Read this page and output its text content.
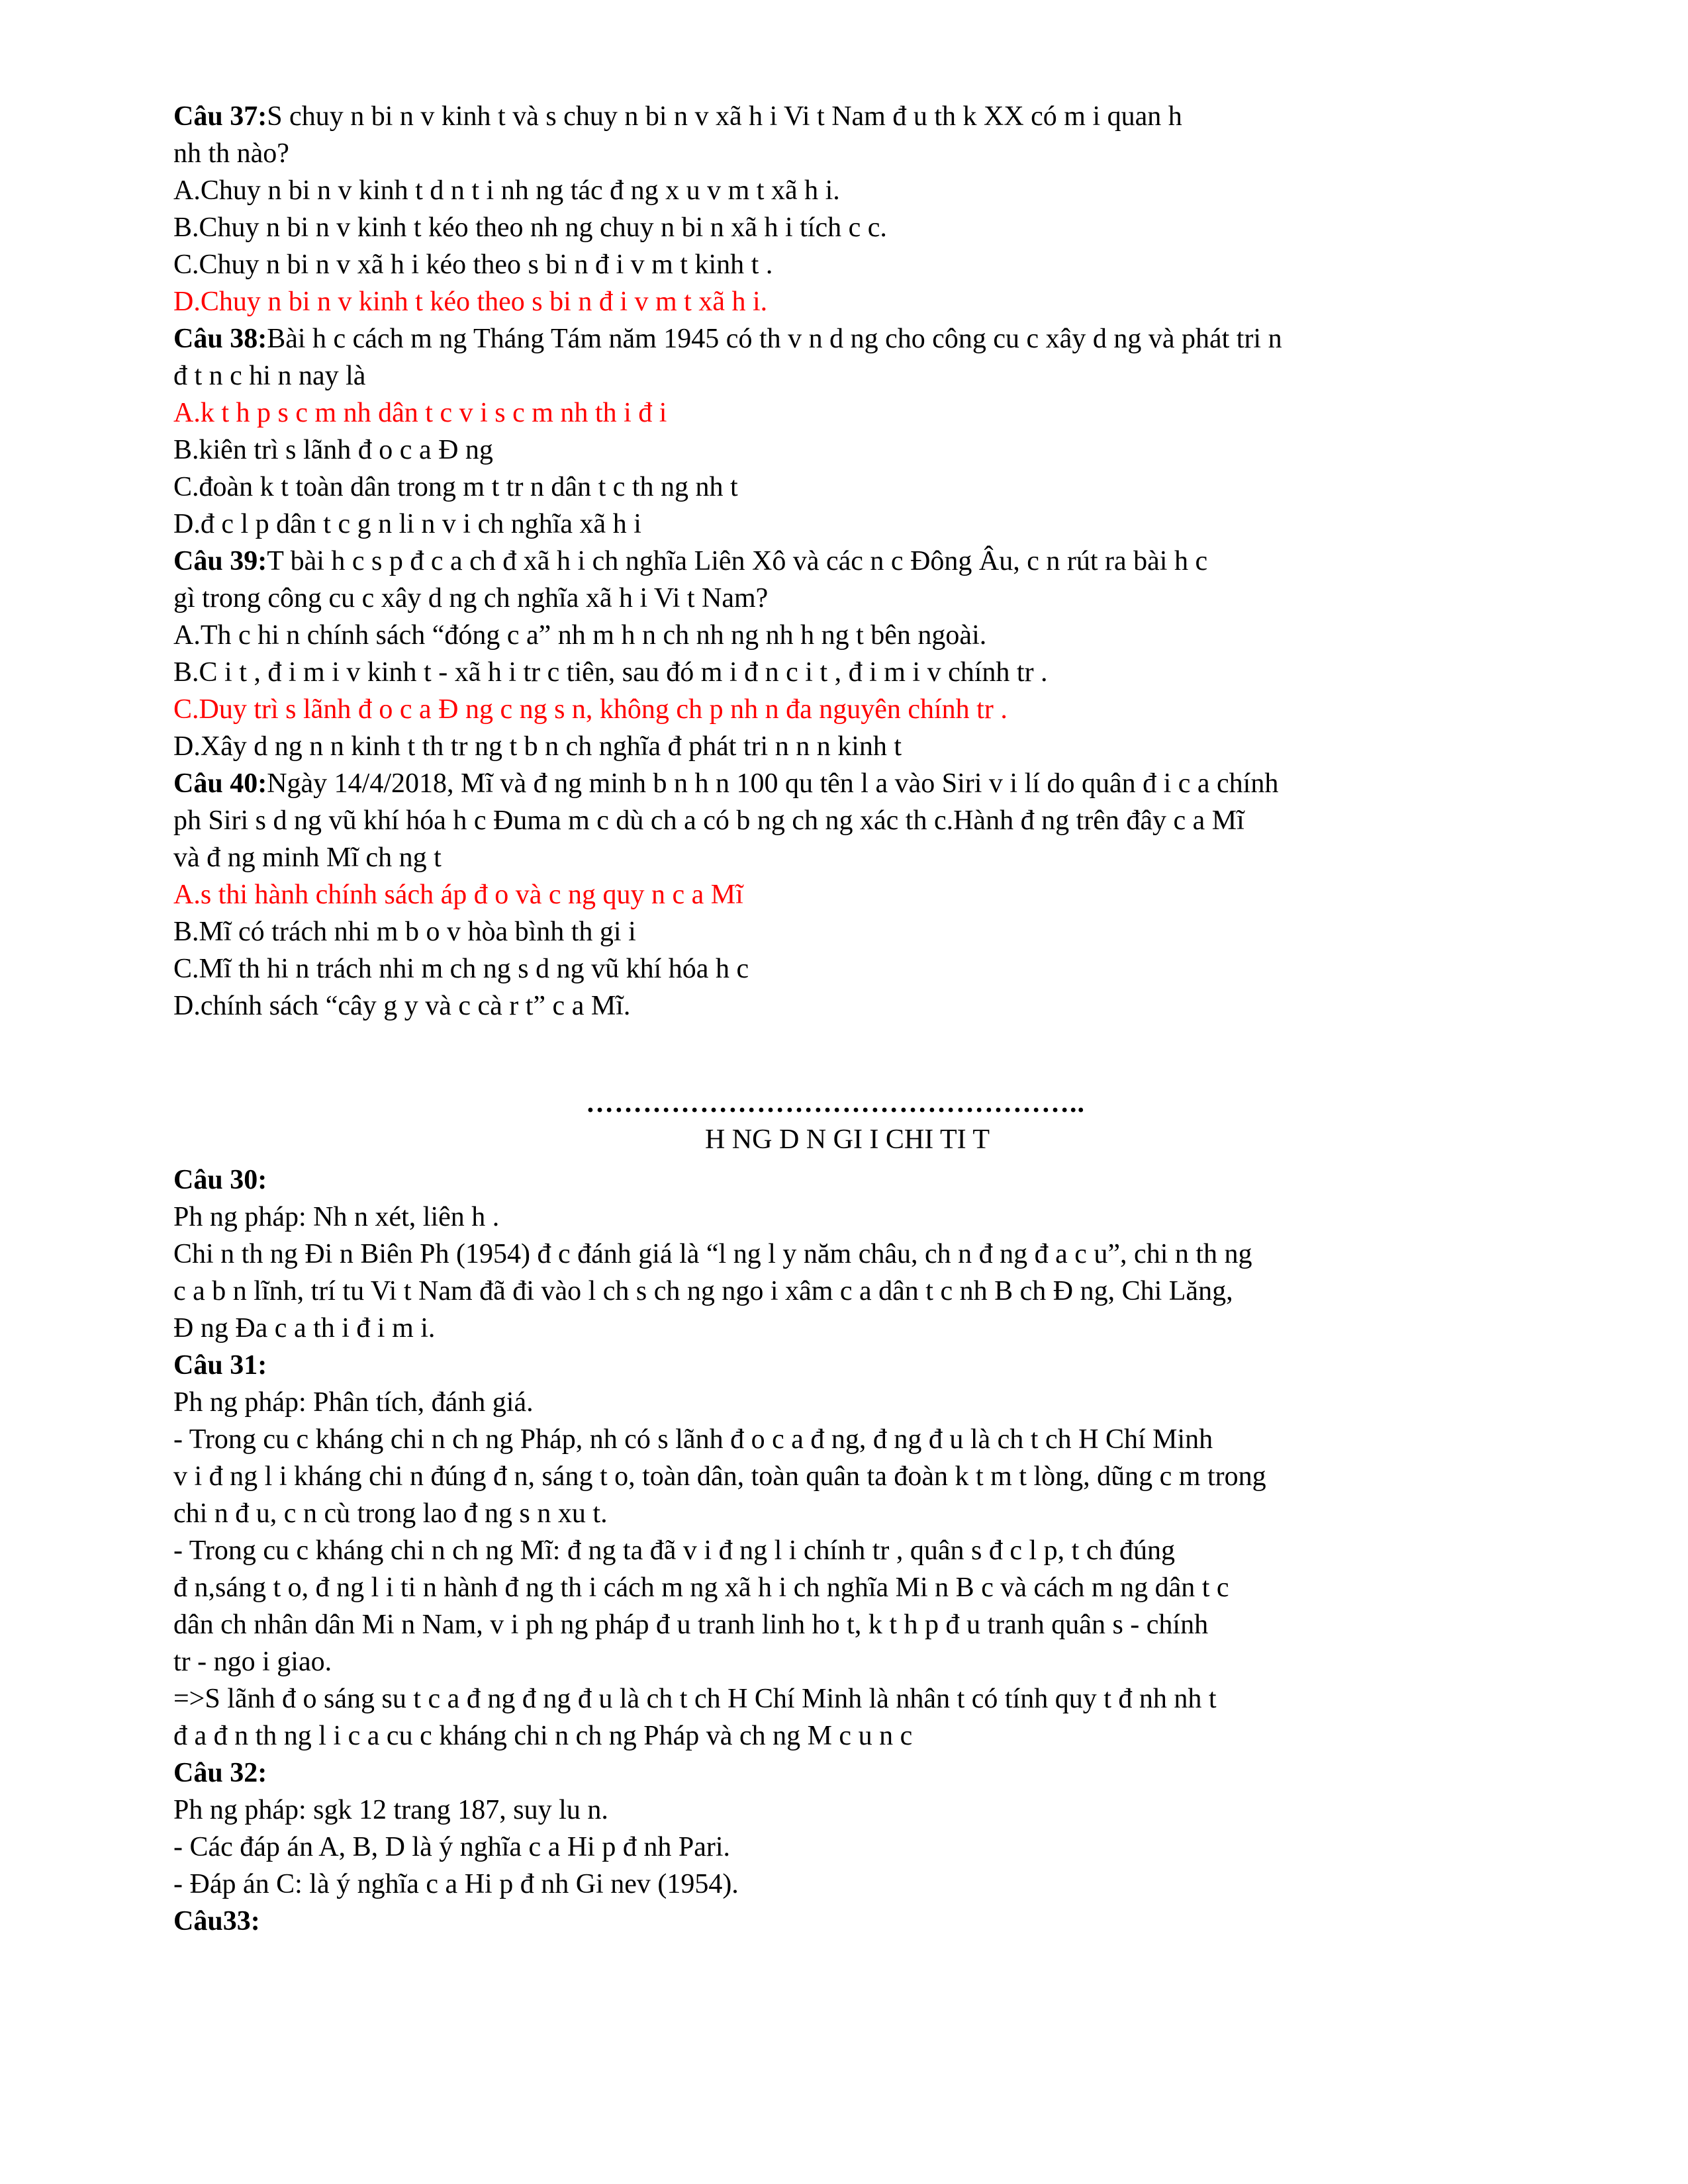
Câu 37:S chuy n bi n v kinh t và s chuy n bi n v xã h i Vi t Nam đ u th k XX có m i quan h
nh th nào?
A.Chuy n bi n v kinh t d n t i nh ng tác đ ng x u v m t xã h i.
B.Chuy n bi n v kinh t kéo theo nh ng chuy n bi n xã h i tích c c.
C.Chuy n bi n v xã h i kéo theo s bi n đ i v m t kinh t .
D.Chuy n bi n v kinh t kéo theo s bi n đ i v m t xã h i.
Câu 38:Bài h c cách m ng Tháng Tám năm 1945 có th v n d ng cho công cu c xây d ng và phát tri n
đ t n c hi n nay là
A.k t h p s c m nh dân t c v i s c m nh th i đ i
B.kiên trì s lãnh đ o c a Đ ng
C.đoàn k t toàn dân trong m t tr n dân t c th ng nh t
D.đ c l p dân t c g n li n v i ch nghĩa xã h i
Câu 39:T bài h c s p đ c a ch đ xã h i ch nghĩa Liên Xô và các n c Đông Âu, c n rút ra bài h c
gì trong công cu c xây d ng ch nghĩa xã h i Vi t Nam?
A.Th c hi n chính sách “đóng c a” nh m h n ch nh ng nh h ng t bên ngoài.
B.C i t , đ i m i v kinh t - xã h i tr c tiên, sau đó m i đ n c i t , đ i m i v chính tr .
C.Duy trì s lãnh đ o c a Đ ng c ng s n, không ch p nh n đa nguyên chính tr .
D.Xây d ng n n kinh t th tr ng t b n ch nghĩa đ phát tri n n n kinh t
Câu 40:Ngày 14/4/2018, Mĩ và đ ng minh b n h n 100 qu tên l a vào Siri v i lí do quân đ i c a chính
ph Siri s d ng vũ khí hóa h c Đuma m c dù ch a có b ng ch ng xác th c.Hành đ ng trên đây c a Mĩ
và đ ng minh Mĩ ch ng t
A.s thi hành chính sách áp đ o và c ng quy n c a Mĩ
B.Mĩ có trách nhi m b o v hòa bình th gi i
C.Mĩ th hi n trách nhi m ch ng s d ng vũ khí hóa h c
D.chính sách “cây g y và c cà r t” c a Mĩ.
……………………………………………..
H NG D N GI I CHI TI T
Câu 30:
Ph ng pháp: Nh n xét, liên h .
Chi n th ng Đi n Biên Ph (1954) đ c đánh giá là “l ng l y năm châu, ch n đ ng đ a c u”, chi n th ng
c a b n lĩnh, trí tu Vi t Nam đã đi vào l ch s ch ng ngo i xâm c a dân t c nh B ch Đ ng, Chi Lăng,
Đ ng Đa c a th i đ i m i.
Câu 31:
Ph ng pháp: Phân tích, đánh giá.
- Trong cu c kháng chi n ch ng Pháp, nh có s lãnh đ o c a đ ng, đ ng đ u là ch t ch H Chí Minh
v i đ ng l i kháng chi n đúng đ n, sáng t o, toàn dân, toàn quân ta đoàn k t m t lòng, dũng c m trong
chi n đ u, c n cù trong lao đ ng s n xu t.
- Trong cu c kháng chi n ch ng Mĩ: đ ng ta đã v i đ ng l i chính tr , quân s đ c l p, t ch đúng
đ n,sáng t o, đ ng l i ti n hành đ ng th i cách m ng xã h i ch nghĩa Mi n B c và cách m ng dân t c
dân ch nhân dân Mi n Nam, v i ph ng pháp đ u tranh linh ho t, k t h p đ u tranh quân s - chính
tr - ngo i giao.
=>S lãnh đ o sáng su t c a đ ng đ ng đ u là ch t ch H Chí Minh là nhân t có tính quy t đ nh nh t
đ a đ n th ng l i c a cu c kháng chi n ch ng Pháp và ch ng M c u n c
Câu 32:
Ph ng pháp: sgk 12 trang 187, suy lu n.
- Các đáp án A, B, D là ý nghĩa c a Hi p đ nh Pari.
- Đáp án C: là ý nghĩa c a Hi p đ nh Gi nev (1954).
Câu33:
